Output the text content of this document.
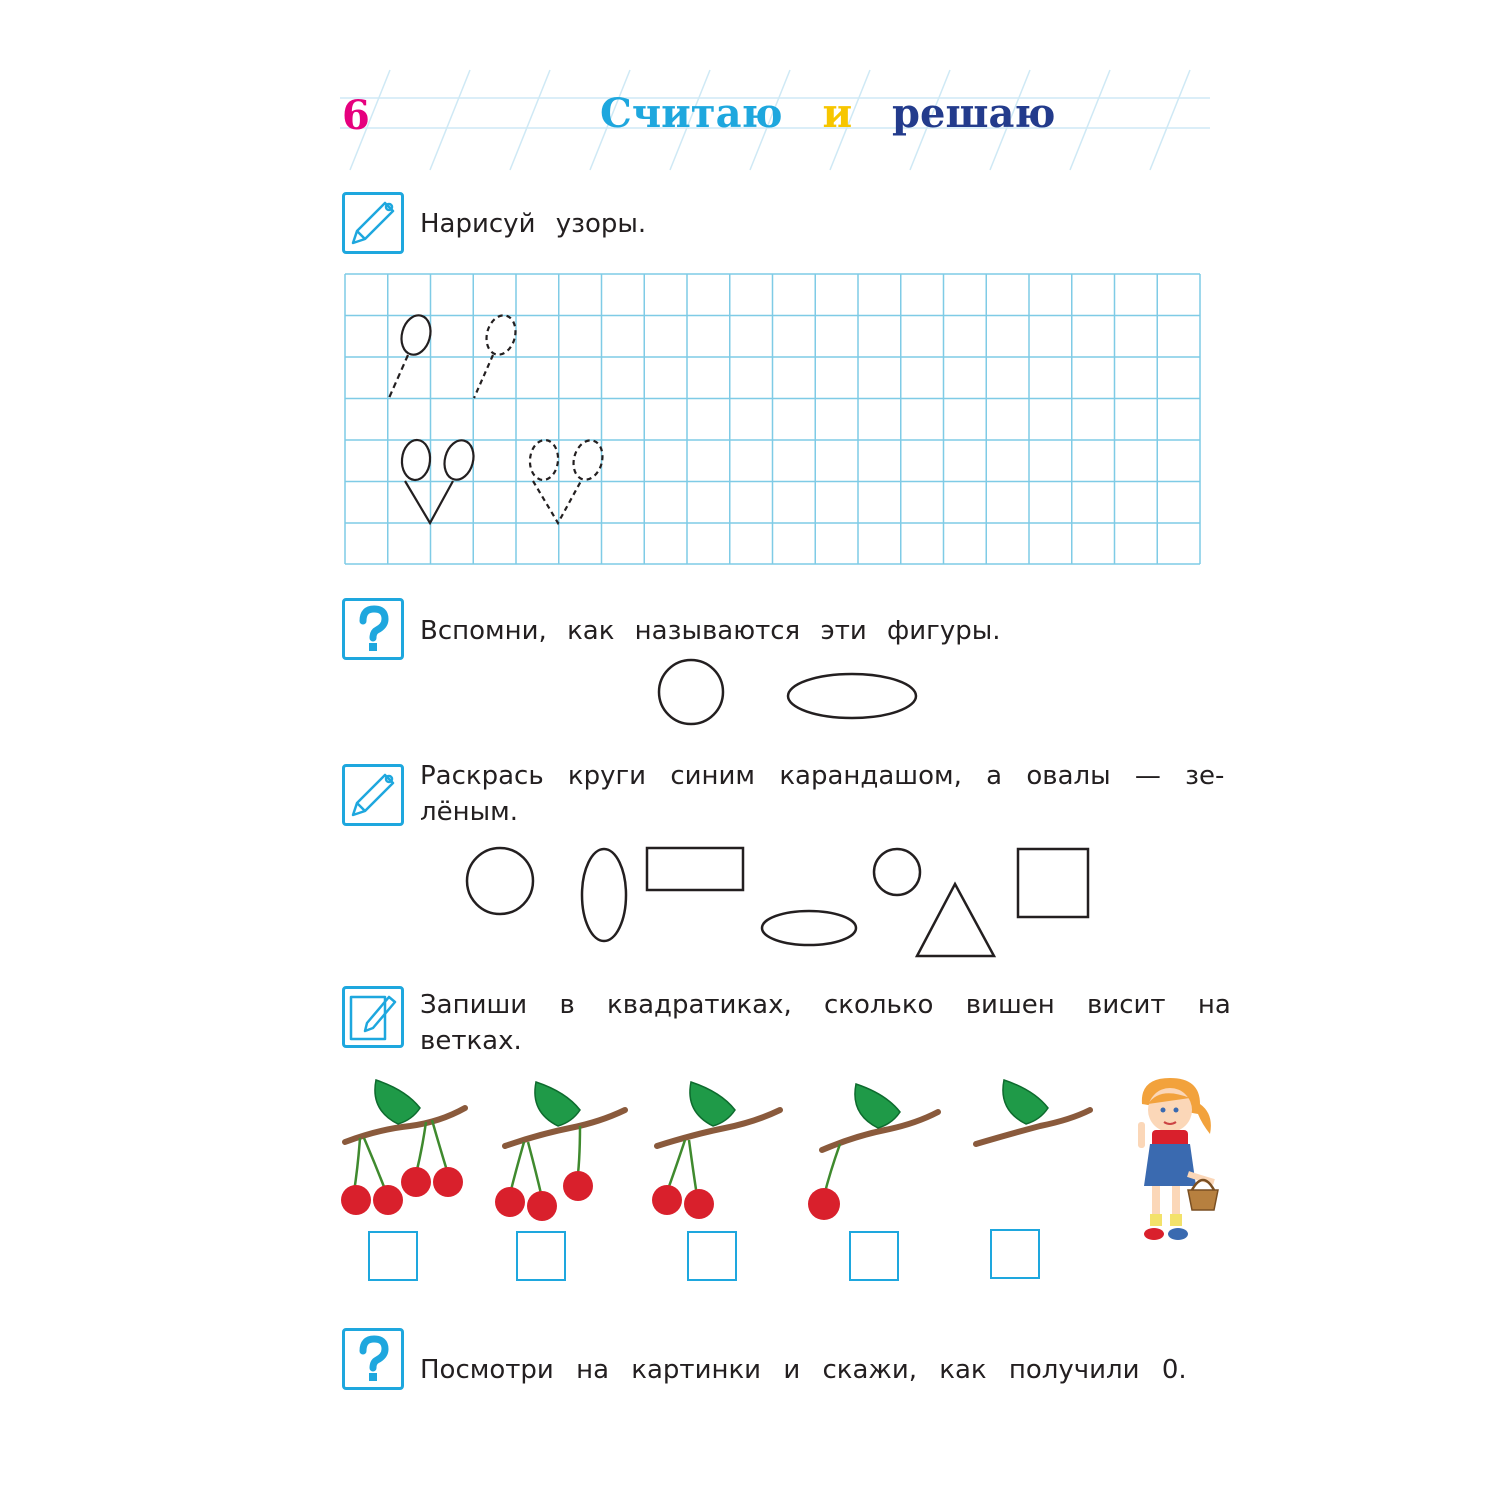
6	Считаю и решаю
Нарисуй узоры.
Вспомни, как называются эти фигуры.
Раскрась круги синим карандашом, а овалы — зе-
лёным.
Запиши в квадратиках, сколько вишен висит на
ветках.
Посмотри на картинки и скажи, как получили 0.
